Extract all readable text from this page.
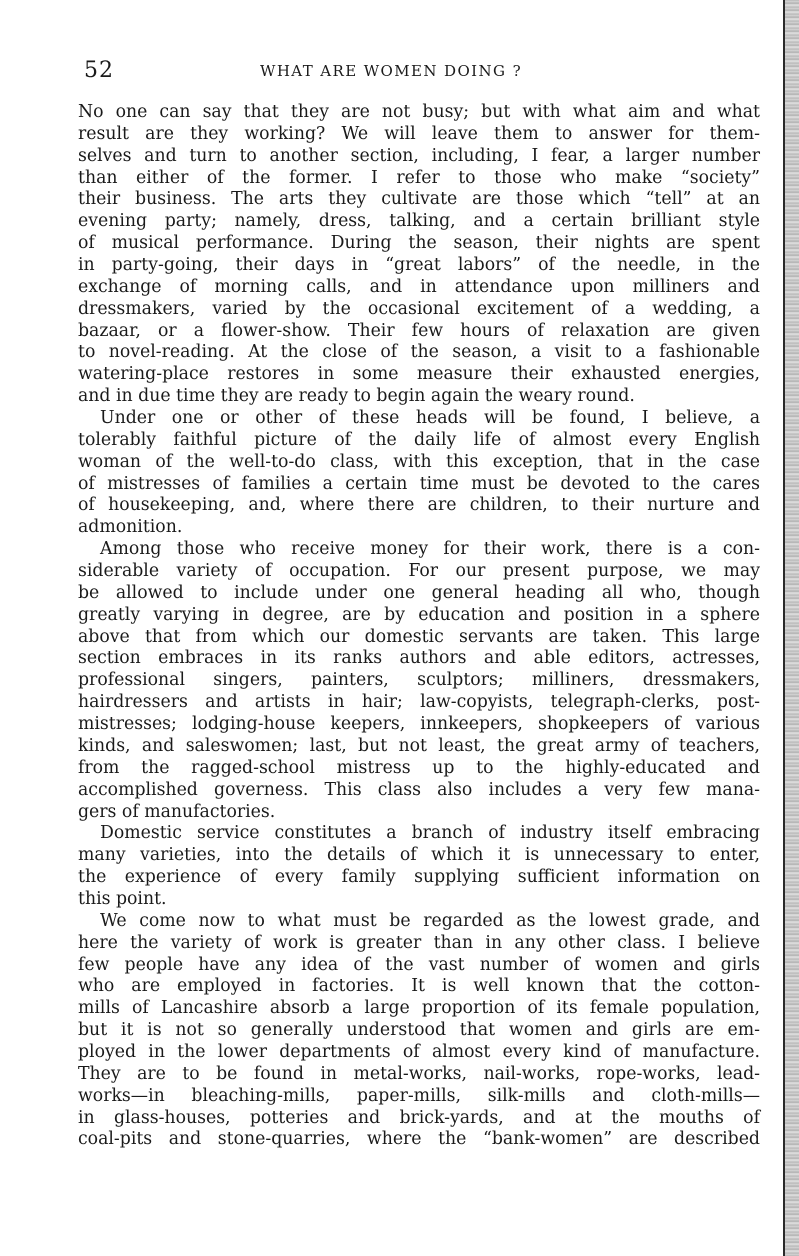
52	WHAT ARE WOMEN DOING ?
No one can say that they are not busy; but with what aim and what
result are they working? We will leave them to answer for them-
selves and turn to another section, including, I fear, a larger number
than either of the former. I refer to those who make “society”
their business. The arts they cultivate are those which “tell” at an
evening party; namely, dress, talking, and a certain brilliant style
of musical performance. During the season, their nights are spent
in party-going, their days in “great labors” of the needle, in the
exchange of morning calls, and in attendance upon milliners and
dressmakers, varied by the occasional excitement of a wedding, a
bazaar, or a flower-show. Their few hours of relaxation are given
to novel-reading. At the close of the season, a visit to a fashionable
watering-place restores in some measure their exhausted energies,
and in due time they are ready to begin again the weary round.
Under one or other of these heads will be found, I believe, a
tolerably faithful picture of the daily life of almost every English
woman of the well-to-do class, with this exception, that in the case
of mistresses of families a certain time must be devoted to the cares
of housekeeping, and, where there are children, to their nurture and
admonition.
Among those who receive money for their work, there is a con-
siderable variety of occupation. For our present purpose, we may
be allowed to include under one general heading all who, though
greatly varying in degree, are by education and position in a sphere
above that from which our domestic servants are taken. This large
section embraces in its ranks authors and able editors, actresses,
professional singers, painters, sculptors; milliners, dressmakers,
hairdressers and artists in hair; law-copyists, telegraph-clerks, post-
mistresses; lodging-house keepers, innkeepers, shopkeepers of various
kinds, and saleswomen; last, but not least, the great army of teachers,
from the ragged-school mistress up to the highly-educated and
accomplished governess. This class also includes a very few mana-
gers of manufactories.
Domestic service constitutes a branch of industry itself embracing
many varieties, into the details of which it is unnecessary to enter,
the experience of every family supplying sufficient information on
this point.
We come now to what must be regarded as the lowest grade, and
here the variety of work is greater than in any other class. I believe
few people have any idea of the vast number of women and girls
who are employed in factories. It is well known that the cotton-
mills of Lancashire absorb a large proportion of its female population,
but it is not so generally understood that women and girls are em-
ployed in the lower departments of almost every kind of manufacture.
They are to be found in metal-works, nail-works, rope-works, lead-
works—in bleaching-mills, paper-mills, silk-mills and cloth-mills—
in glass-houses, potteries and brick-yards, and at the mouths of
coal-pits and stone-quarries, where the “bank-women” are described
